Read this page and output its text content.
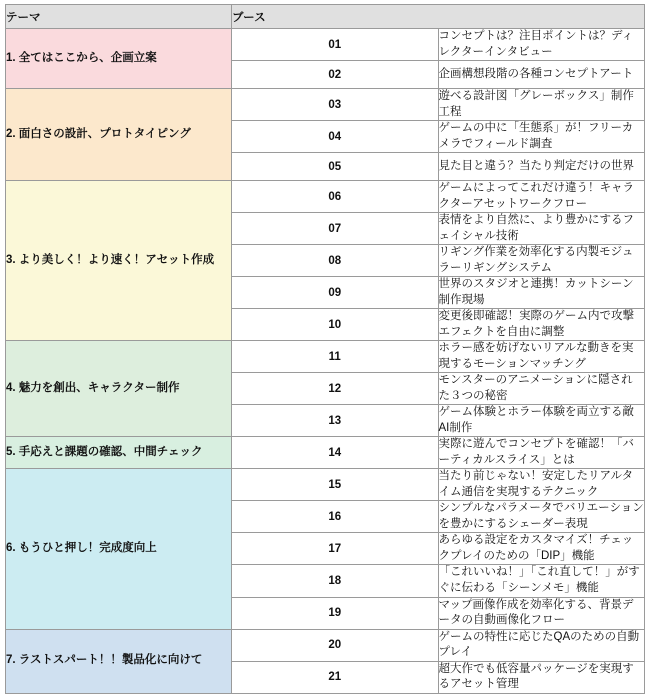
テーマ	ブース	
1. 全てはここから、企画立案	01	コンセプトは？注目ポイントは？ディレクターインタビュー
	02	企画構想段階の各種コンセプトアート
2. 面白さの設計、プロトタイピング	03	遊べる設計図「グレーボックス」制作工程
	04	ゲームの中に「生態系」が！フリーカメラでフィールド調査
	05	見た目と違う？当たり判定だけの世界
3. より美しく！より速く！アセット作成	06	ゲームによってこれだけ違う！キャラクターアセットワークフロー
	07	表情をより自然に、より豊かにするフェイシャル技術
	08	リギング作業を効率化する内製モジュラーリギングシステム
	09	世界のスタジオと連携！カットシーン制作現場
	10	変更後即確認！実際のゲーム内で攻撃エフェクトを自由に調整
4. 魅力を創出、キャラクター制作	11	ホラー感を妨げないリアルな動きを実現するモーションマッチング
	12	モンスターのアニメーションに隠された３つの秘密
	13	ゲーム体験とホラー体験を両立する敵AI制作
5. 手応えと課題の確認、中間チェック	14	実際に遊んでコンセプトを確認！「バーティカルスライス」とは
6. もうひと押し！完成度向上	15	当たり前じゃない！安定したリアルタイム通信を実現するテクニック
	16	シンプルなパラメータでバリエーションを豊かにするシェーダー表現
	17	あらゆる設定をカスタマイズ！チェックプレイのための「DIP」機能
	18	「これいいね！」「これ直して！」がすぐに伝わる「シーンメモ」機能
	19	マップ画像作成を効率化する、背景データの自動画像化フロー
7. ラストスパート！！製品化に向けて	20	ゲームの特性に応じたQAのための自動プレイ
	21	超大作でも低容量パッケージを実現するアセット管理
